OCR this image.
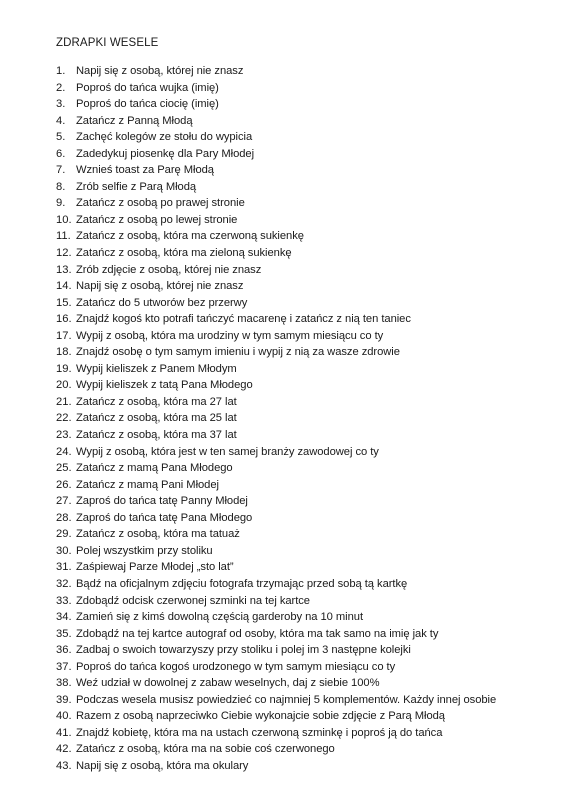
ZDRAPKI WESELE
1. Napij się z osobą, której nie znasz
2. Poproś do tańca wujka (imię)
3. Poproś do tańca ciocię (imię)
4. Zatańcz z Panną Młodą
5. Zachęć kolegów ze stołu do wypicia
6. Zadedykuj piosenkę dla Pary Młodej
7. Wznieś toast za Parę Młodą
8. Zrób selfie z Parą Młodą
9. Zatańcz z osobą po prawej stronie
10. Zatańcz z osobą po lewej stronie
11. Zatańcz z osobą, która ma czerwoną sukienkę
12. Zatańcz z osobą, która ma zieloną sukienkę
13. Zrób zdjęcie z osobą, której nie znasz
14. Napij się z osobą, której nie znasz
15. Zatańcz do 5 utworów bez przerwy
16. Znajdź kogoś kto potrafi tańczyć macarenę i zatańcz z nią ten taniec
17. Wypij z osobą, która ma urodziny w tym samym miesiącu co ty
18. Znajdź osobę o tym samym imieniu i wypij z nią za wasze zdrowie
19. Wypij kieliszek z Panem Młodym
20. Wypij kieliszek z tatą Pana Młodego
21. Zatańcz z osobą, która ma 27 lat
22. Zatańcz z osobą, która ma 25 lat
23. Zatańcz z osobą, która ma 37 lat
24. Wypij z osobą, która jest w ten samej branży zawodowej co ty
25. Zatańcz z mamą Pana Młodego
26. Zatańcz z mamą Pani Młodej
27. Zaproś do tańca tatę Panny Młodej
28. Zaproś do tańca tatę Pana Młodego
29. Zatańcz z osobą, która ma tatuaż
30. Polej wszystkim przy stoliku
31. Zaśpiewaj Parze Młodej „sto lat”
32. Bądź na oficjalnym zdjęciu fotografa trzymając przed sobą tą kartkę
33. Zdobądź odcisk czerwonej szminki na tej kartce
34. Zamień się z kimś dowolną częścią garderoby na 10 minut
35. Zdobądź na tej kartce autograf od osoby, która ma tak samo na imię jak ty
36. Zadbaj o swoich towarzyszy przy stoliku i polej im 3 następne kolejki
37. Poproś do tańca kogoś urodzonego w tym samym miesiącu co ty
38. Weź udział w dowolnej z zabaw weselnych, daj z siebie 100%
39. Podczas wesela musisz powiedzieć co najmniej 5 komplementów. Każdy innej osobie
40. Razem z osobą naprzeciwko Ciebie wykonajcie sobie zdjęcie z Parą Młodą
41. Znajdź kobietę, która ma na ustach czerwoną szminkę i poproś ją do tańca
42. Zatańcz z osobą, która ma na sobie coś czerwonego
43. Napij się z osobą, która ma okulary
